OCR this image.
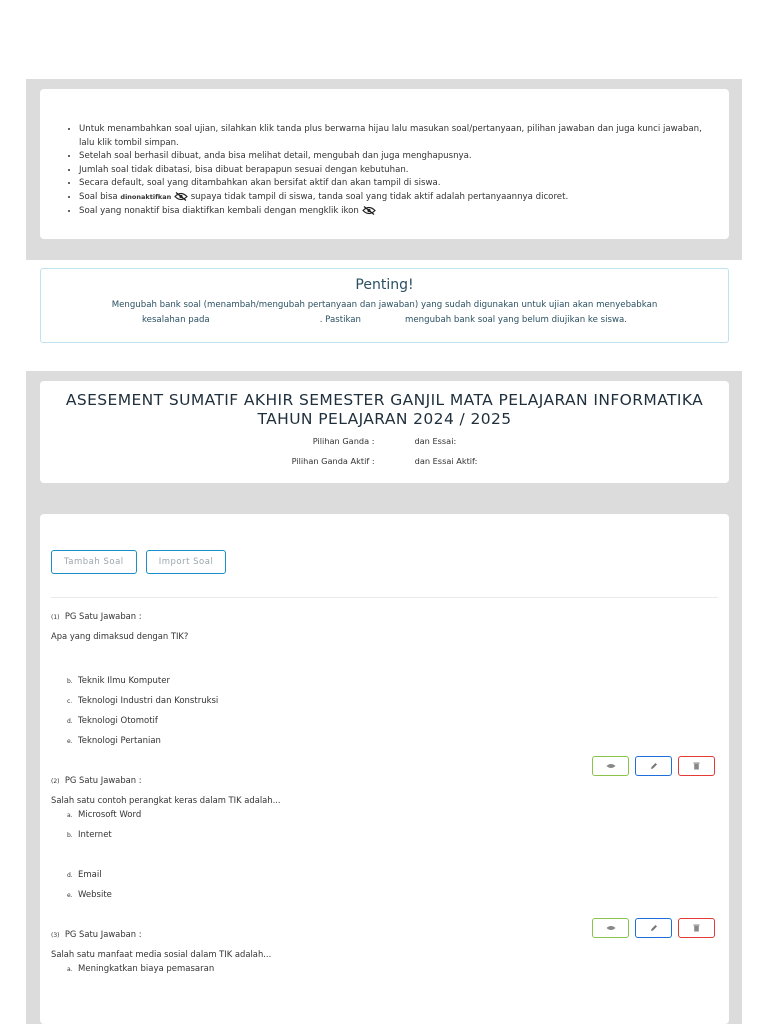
• Untuk menambahkan soal ujian, silahkan klik tanda plus berwarna hijau lalu masukan soal/pertanyaan, pilihan jawaban dan juga kunci jawaban, lalu klik tombil simpan.
• Setelah soal berhasil dibuat, anda bisa melihat detail, mengubah dan juga menghapusnya.
• Jumlah soal tidak dibatasi, bisa dibuat berapapun sesuai dengan kebutuhan.
• Secara default, soal yang ditambahkan akan bersifat aktif dan akan tampil di siswa.
• Soal bisa dinonaktifkan supaya tidak tampil di siswa, tanda soal yang tidak aktif adalah pertanyaannya dicoret.
• Soal yang nonaktif bisa diaktifkan kembali dengan mengklik ikon
Penting!
Mengubah bank soal (menambah/mengubah pertanyaan dan jawaban) yang sudah digunakan untuk ujian akan menyebabkan
kesalahan pada	. Pastikan	mengubah bank soal yang belum diujikan ke siswa.
ASESEMENT SUMATIF AKHIR SEMESTER GANJIL MATA PELAJARAN INFORMATIKA TAHUN PELAJARAN 2024 / 2025
Pilihan Ganda :	dan Essai:
Pilihan Ganda Aktif :	dan Essai Aktif:
Tambah Soal	Import Soal
(1) PG Satu Jawaban :
Apa yang dimaksud dengan TIK?
b. Teknik Ilmu Komputer
c. Teknologi Industri dan Konstruksi
d. Teknologi Otomotif
e. Teknologi Pertanian
(2) PG Satu Jawaban :
Salah satu contoh perangkat keras dalam TIK adalah...
a. Microsoft Word
b. Internet
d. Email
e. Website
(3) PG Satu Jawaban :
Salah satu manfaat media sosial dalam TIK adalah...
a. Meningkatkan biaya pemasaran
